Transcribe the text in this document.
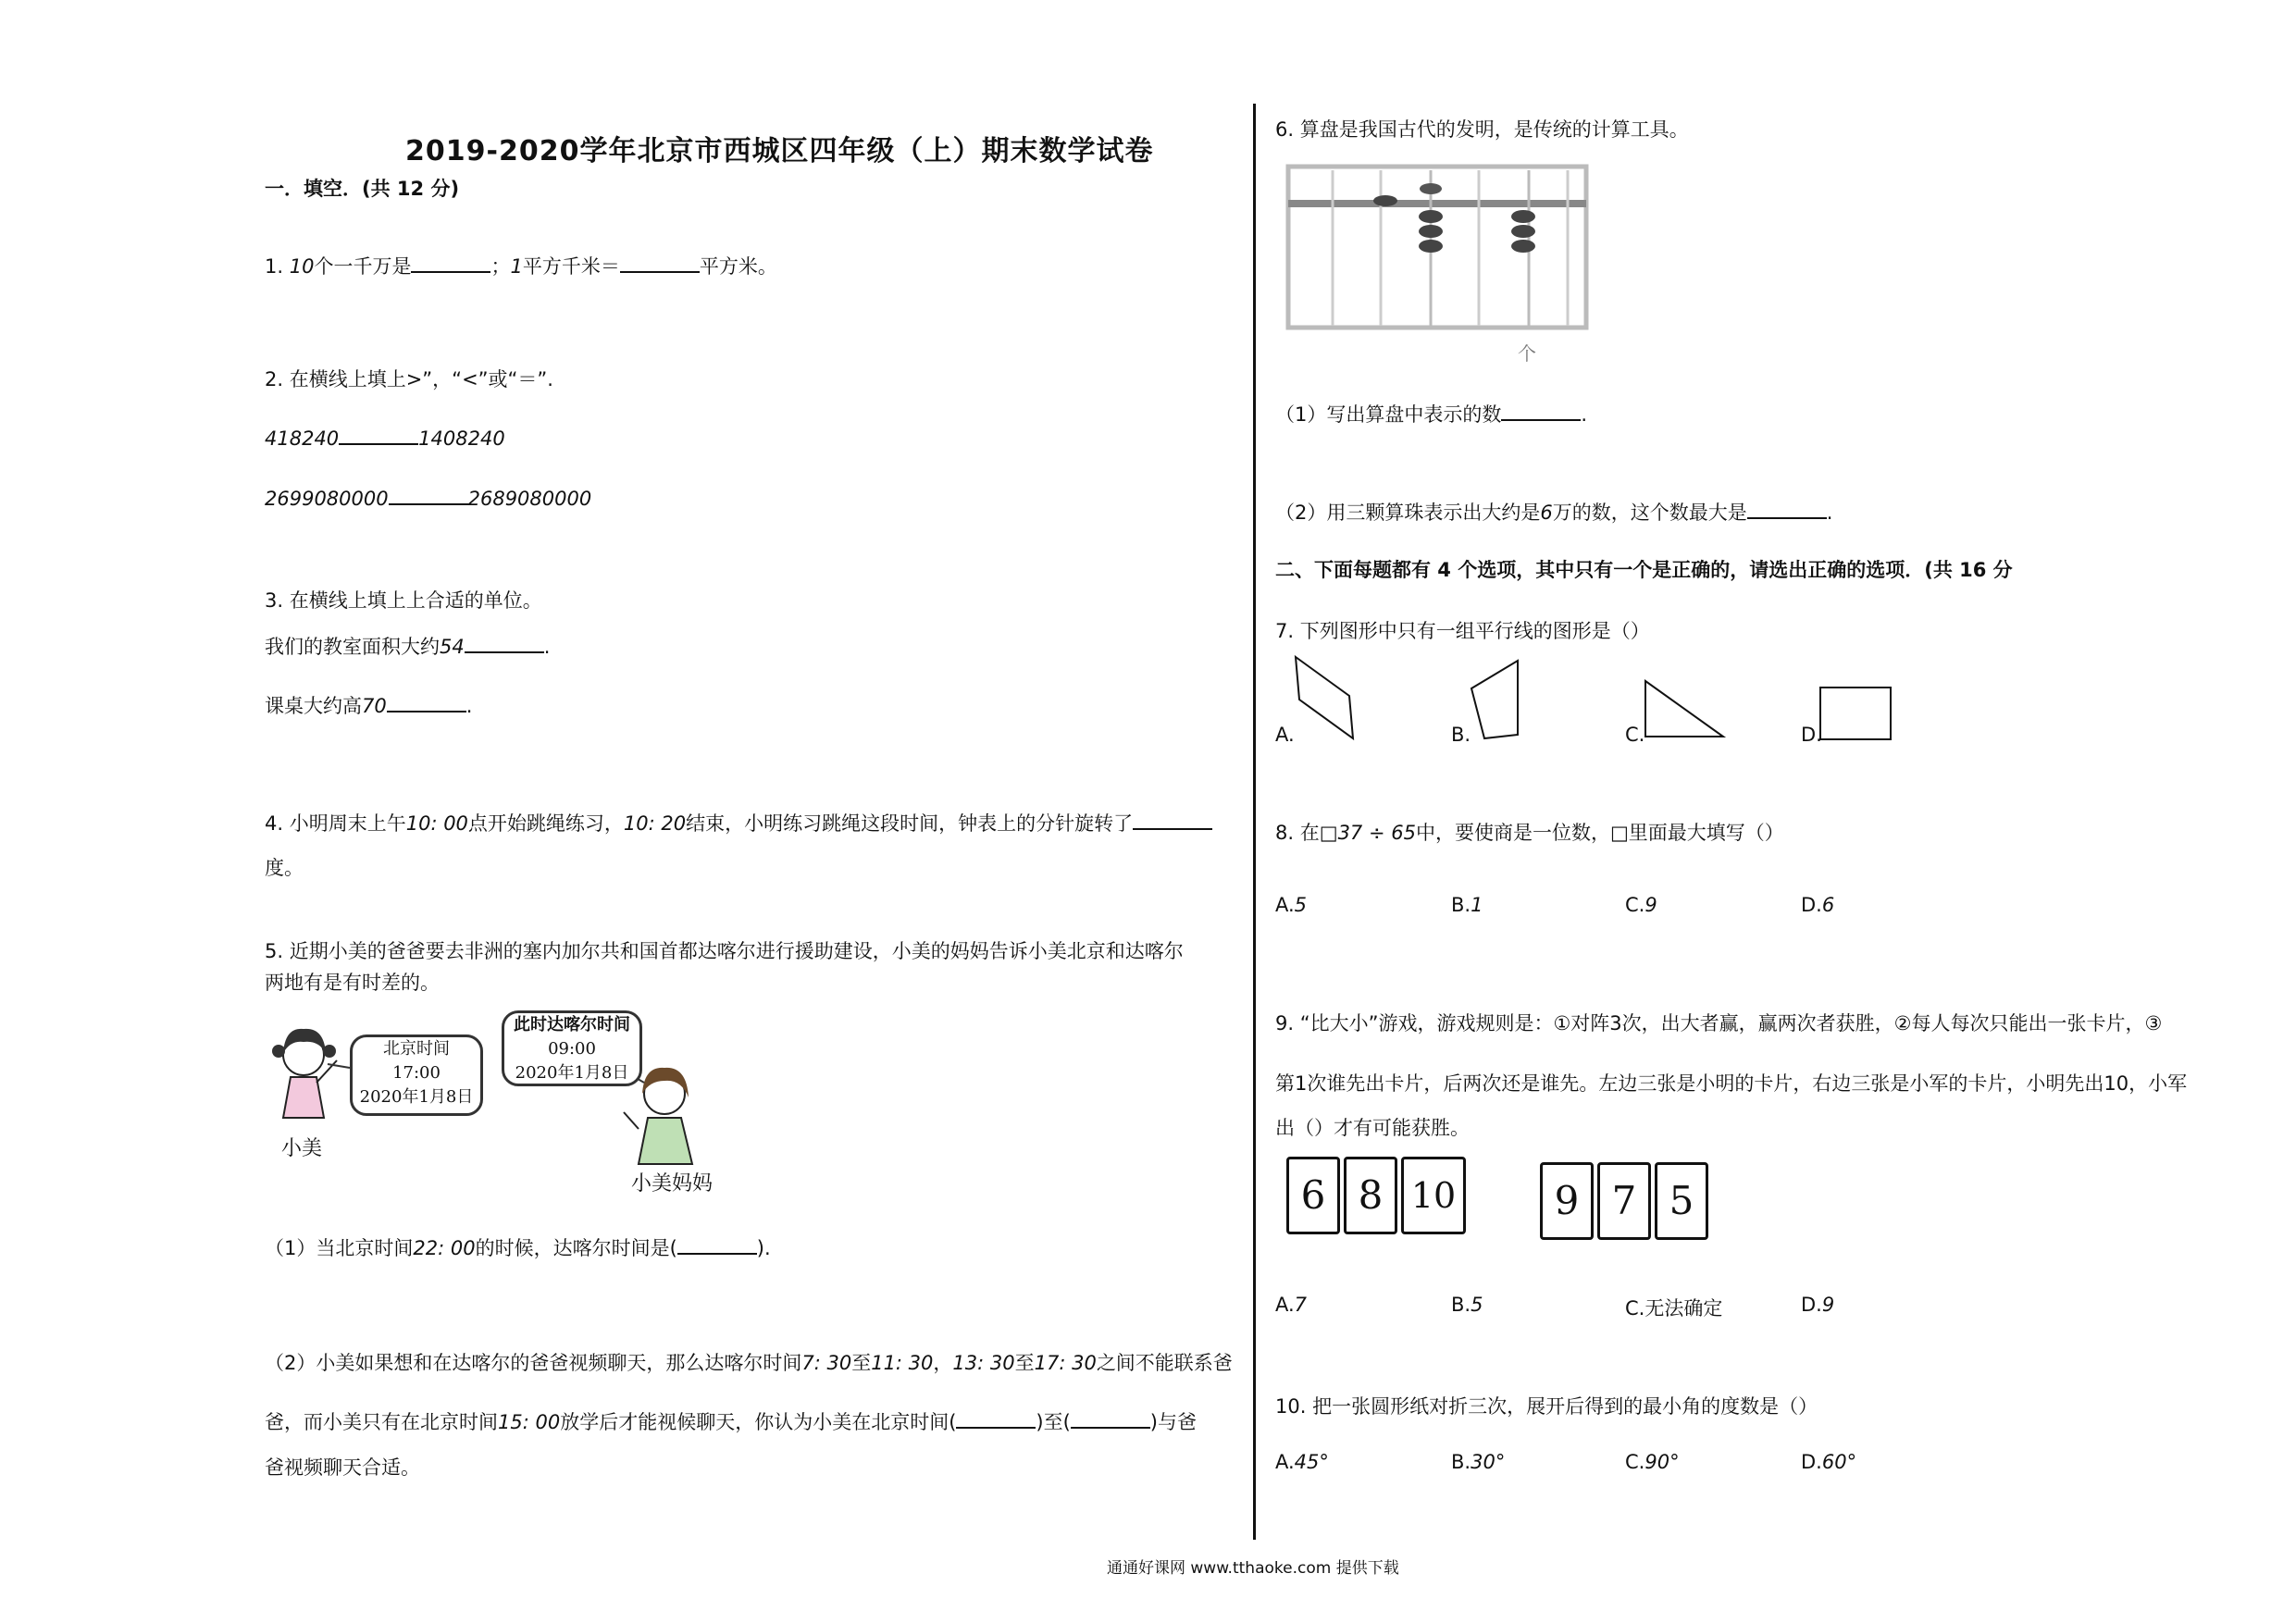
2019-2020学年北京市西城区四年级（上）期末数学试卷
一．填空．(共 12 分)
1. 10个一千万是	；1平方千米＝	平方米。
2. 在横线上填上>”，“<”或“＝”.
418240	1408240
2699080000	2689080000
3. 在横线上填上上合适的单位。
我们的教室面积大约54	.
课桌大约高70	.
4. 小明周末上午10: 00点开始跳绳练习，10: 20结束，小明练习跳绳这段时间，钟表上的分针旋转了
度。
5. 近期小美的爸爸要去非洲的塞内加尔共和国首都达喀尔进行援助建设，小美的妈妈告诉小美北京和达喀尔
两地有是有时差的。
北京时间
17:00
2020年1月8日
此时达喀尔时间
09:00
2020年1月8日
小美
小美妈妈
（1）当北京时间22: 00的时候，达喀尔时间是(	).
（2）小美如果想和在达喀尔的爸爸视频聊天，那么达喀尔时间7: 30至11: 30，13: 30至17: 30之间不能联系爸
爸，而小美只有在北京时间15: 00放学后才能视候聊天，你认为小美在北京时间(	)至(	)与爸
爸视频聊天合适。
6. 算盘是我国古代的发明，是传统的计算工具。
个
（1）写出算盘中表示的数	.
（2）用三颗算珠表示出大约是6万的数，这个数最大是	.
二、下面每题都有 4 个选项，其中只有一个是正确的，请选出正确的选项．(共 16 分
7. 下列图形中只有一组平行线的图形是（）
A.	B.	C.	D.
8. 在□37 ÷ 65中，要使商是一位数，□里面最大填写（）
A.5	B.1	C.9	D.6
9. “比大小”游戏，游戏规则是：①对阵3次，出大者赢，赢两次者获胜，②每人每次只能出一张卡片，③
第1次谁先出卡片，后两次还是谁先。左边三张是小明的卡片，右边三张是小军的卡片，小明先出10，小军
出（）才有可能获胜。
6 8 10	9 7 5
A.7	B.5	C.无法确定	D.9
10. 把一张圆形纸对折三次，展开后得到的最小角的度数是（）
A.45°	B.30°	C.90°	D.60°
通通好课网 www.tthaoke.com 提供下载
